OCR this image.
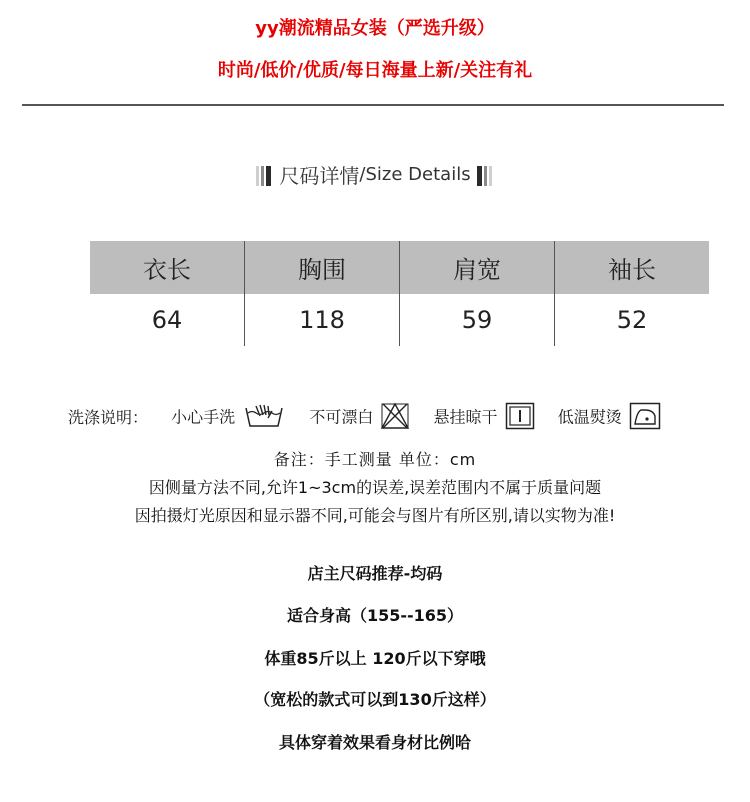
yy潮流精品女装（严选升级）
时尚/低价/优质/每日海量上新/关注有礼
尺码详情/Size Details
衣长	胸围	肩宽	袖长
64	118	59	52
洗涤说明： 小心手洗	不可漂白	悬挂晾干	低温熨烫
备注：手工测量 单位：cm
因侧量方法不同,允许1~3cm的误差,误差范围内不属于质量问题
因拍摄灯光原因和显示器不同,可能会与图片有所区别,请以实物为准!
店主尺码推荐-均码
适合身高（155--165）
体重85斤以上 120斤以下穿哦
（宽松的款式可以到130斤这样）
具体穿着效果看身材比例哈
